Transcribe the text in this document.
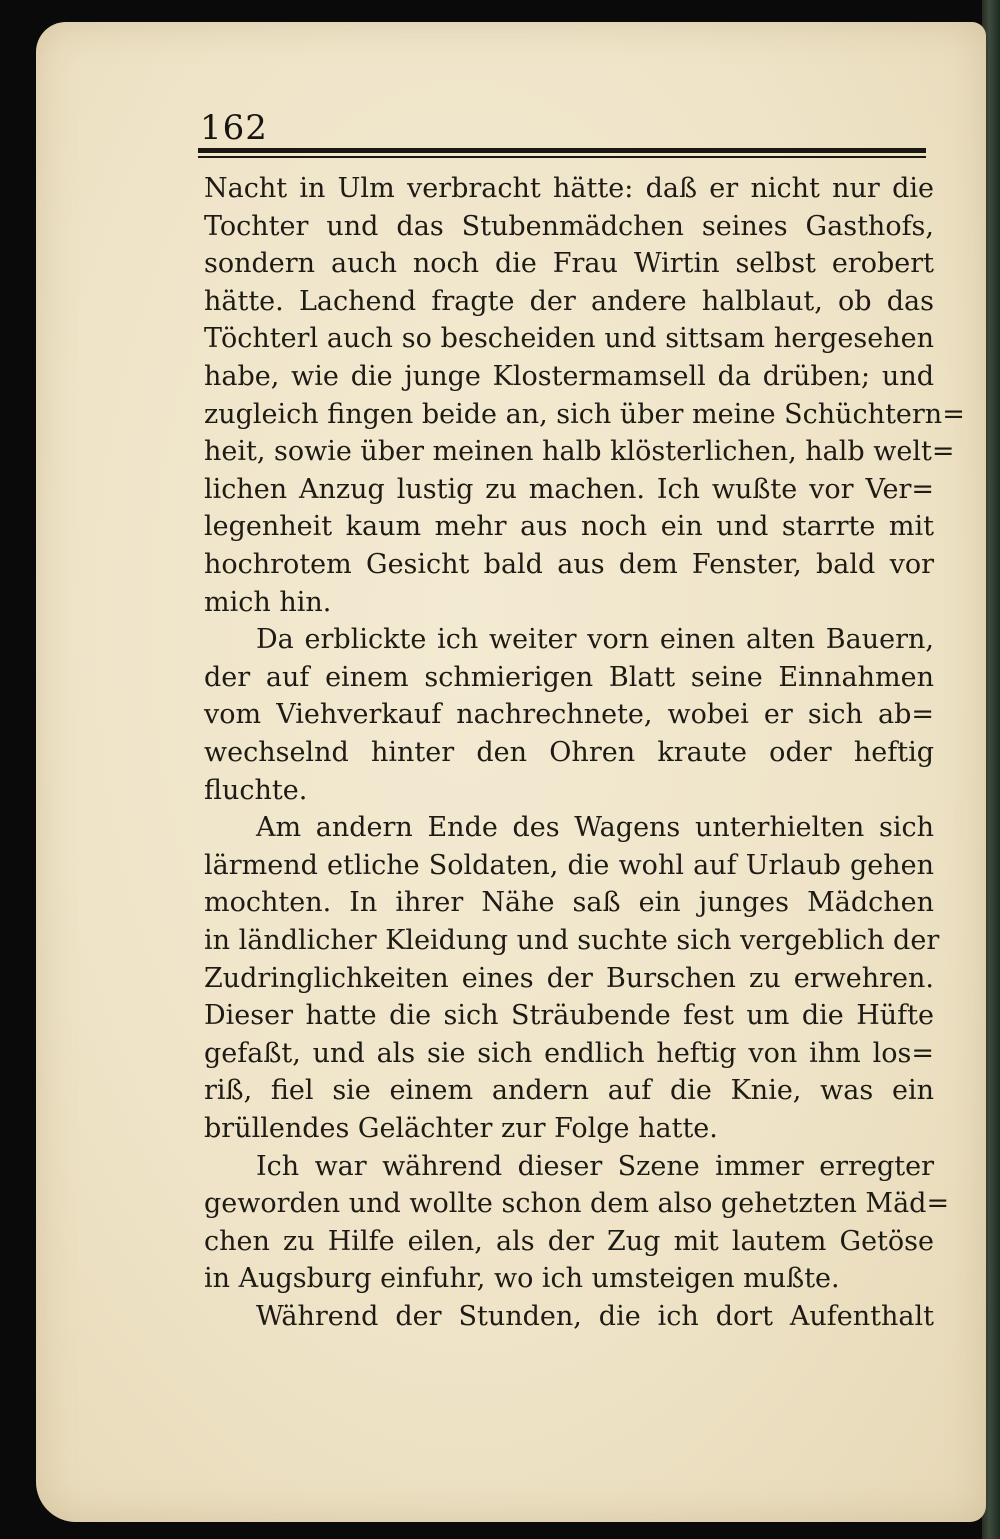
162
Nacht in Ulm verbracht hätte: daß er nicht nur die
Tochter und das Stubenmädchen seines Gasthofs,
sondern auch noch die Frau Wirtin selbst erobert
hätte. Lachend fragte der andere halblaut, ob das
Töchterl auch so bescheiden und sittsam hergesehen
habe, wie die junge Klostermamsell da drüben; und
zugleich fingen beide an, sich über meine Schüchtern=
heit, sowie über meinen halb klösterlichen, halb welt=
lichen Anzug lustig zu machen. Ich wußte vor Ver=
legenheit kaum mehr aus noch ein und starrte mit
hochrotem Gesicht bald aus dem Fenster, bald vor
mich hin.
Da erblickte ich weiter vorn einen alten Bauern,
der auf einem schmierigen Blatt seine Einnahmen
vom Viehverkauf nachrechnete, wobei er sich ab=
wechselnd hinter den Ohren kraute oder heftig
fluchte.
Am andern Ende des Wagens unterhielten sich
lärmend etliche Soldaten, die wohl auf Urlaub gehen
mochten. In ihrer Nähe saß ein junges Mädchen
in ländlicher Kleidung und suchte sich vergeblich der
Zudringlichkeiten eines der Burschen zu erwehren.
Dieser hatte die sich Sträubende fest um die Hüfte
gefaßt, und als sie sich endlich heftig von ihm los=
riß, fiel sie einem andern auf die Knie, was ein
brüllendes Gelächter zur Folge hatte.
Ich war während dieser Szene immer erregter
geworden und wollte schon dem also gehetzten Mäd=
chen zu Hilfe eilen, als der Zug mit lautem Getöse
in Augsburg einfuhr, wo ich umsteigen mußte.
Während der Stunden, die ich dort Aufenthalt
